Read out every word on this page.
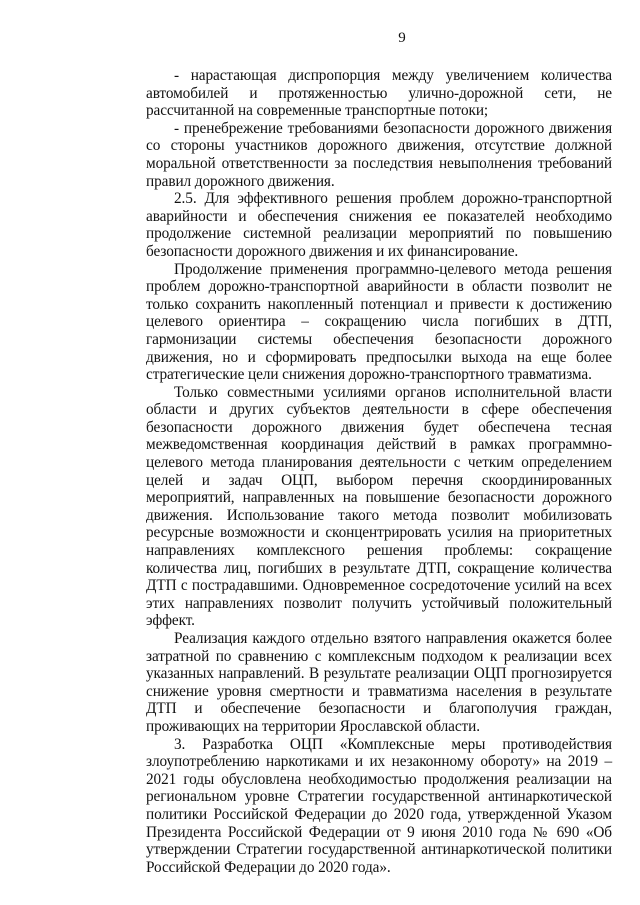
9

- нарастающая диспропорция между увеличением количества автомобилей и протяженностью улично-дорожной сети, не рассчитанной на современные транспортные потоки;

- пренебрежение требованиями безопасности дорожного движения со стороны участников дорожного движения, отсутствие должной моральной ответственности за последствия невыполнения требований правил дорожного движения.

2.5. Для эффективного решения проблем дорожно-транспортной аварийности и обеспечения снижения ее показателей необходимо продолжение системной реализации мероприятий по повышению безопасности дорожного движения и их финансирование.

Продолжение применения программно-целевого метода решения проблем дорожно-транспортной аварийности в области позволит не только сохранить накопленный потенциал и привести к достижению целевого ориентира – сокращению числа погибших в ДТП, гармонизации системы обеспечения безопасности дорожного движения, но и сформировать предпосылки выхода на еще более стратегические цели снижения дорожно-транспортного травматизма.

Только совместными усилиями органов исполнительной власти области и других субъектов деятельности в сфере обеспечения безопасности дорожного движения будет обеспечена тесная межведомственная координация действий в рамках программно-целевого метода планирования деятельности с четким определением целей и задач ОЦП, выбором перечня скоординированных мероприятий, направленных на повышение безопасности дорожного движения. Использование такого метода позволит мобилизовать ресурсные возможности и сконцентрировать усилия на приоритетных направлениях комплексного решения проблемы: сокращение количества лиц, погибших в результате ДТП, сокращение количества ДТП с пострадавшими. Одновременное сосредоточение усилий на всех этих направлениях позволит получить устойчивый положительный эффект.

Реализация каждого отдельно взятого направления окажется более затратной по сравнению с комплексным подходом к реализации всех указанных направлений. В результате реализации ОЦП прогнозируется снижение уровня смертности и травматизма населения в результате ДТП и обеспечение безопасности и благополучия граждан, проживающих на территории Ярославской области.

3. Разработка ОЦП «Комплексные меры противодействия злоупотреблению наркотиками и их незаконному обороту» на 2019 – 2021 годы обусловлена необходимостью продолжения реализации на региональном уровне Стратегии государственной антинаркотической политики Российской Федерации до 2020 года, утвержденной Указом Президента Российской Федерации от 9 июня 2010 года № 690 «Об утверждении Стратегии государственной антинаркотической политики Российской Федерации до 2020 года».
